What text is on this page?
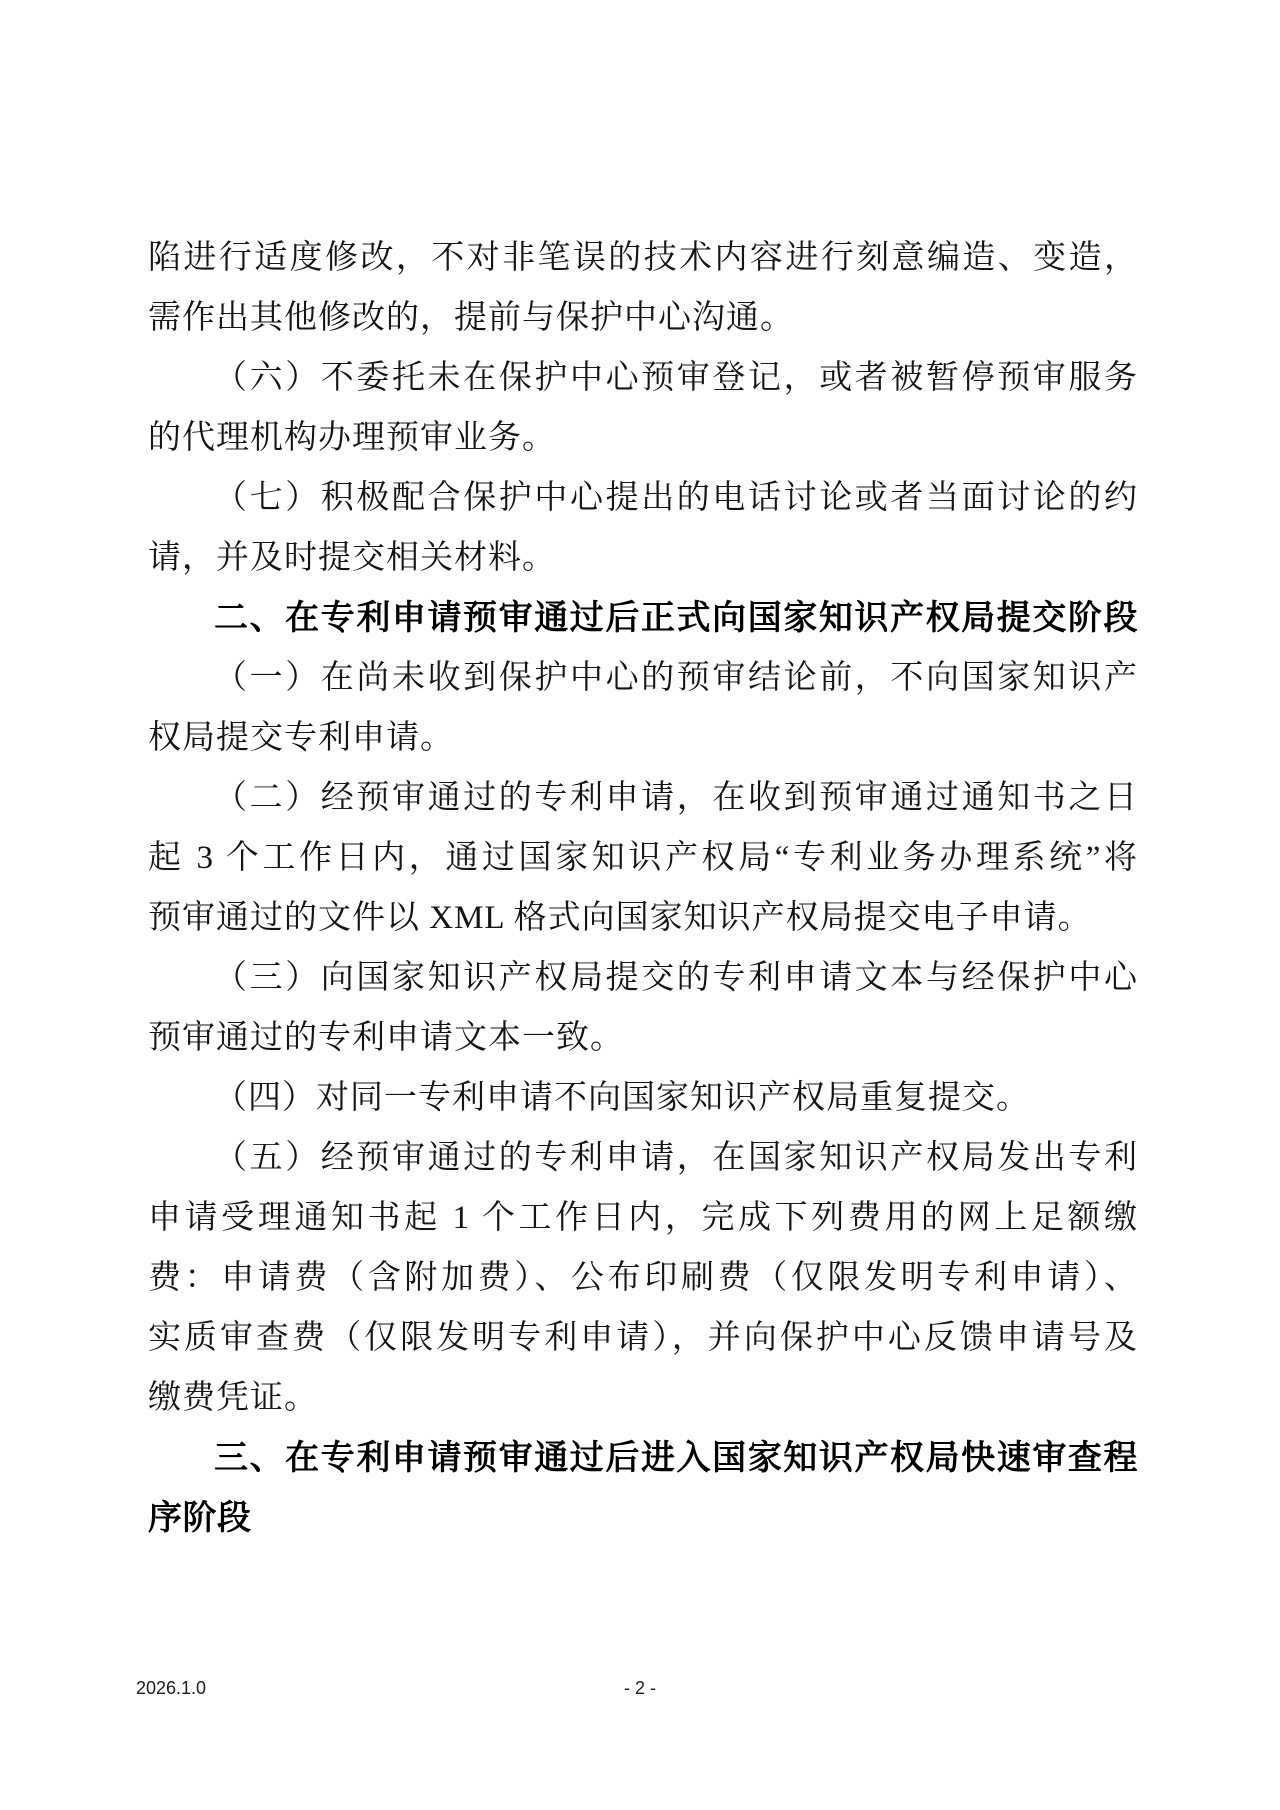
陷进行适度修改，不对非笔误的技术内容进行刻意编造、变造，
需作出其他修改的，提前与保护中心沟通。
（六）不委托未在保护中心预审登记，或者被暂停预审服务
的代理机构办理预审业务。
（七）积极配合保护中心提出的电话讨论或者当面讨论的约
请，并及时提交相关材料。
二、在专利申请预审通过后正式向国家知识产权局提交阶段
（一）在尚未收到保护中心的预审结论前，不向国家知识产
权局提交专利申请。
（二）经预审通过的专利申请，在收到预审通过通知书之日
起 3 个工作日内，通过国家知识产权局“专利业务办理系统”将
预审通过的文件以 XML 格式向国家知识产权局提交电子申请。
（三）向国家知识产权局提交的专利申请文本与经保护中心
预审通过的专利申请文本一致。
（四）对同一专利申请不向国家知识产权局重复提交。
（五）经预审通过的专利申请，在国家知识产权局发出专利
申请受理通知书起 1 个工作日内，完成下列费用的网上足额缴
费：申请费（含附加费）、公布印刷费（仅限发明专利申请）、
实质审查费（仅限发明专利申请），并向保护中心反馈申请号及
缴费凭证。
三、在专利申请预审通过后进入国家知识产权局快速审查程
序阶段
2026.1.0	- 2 -
